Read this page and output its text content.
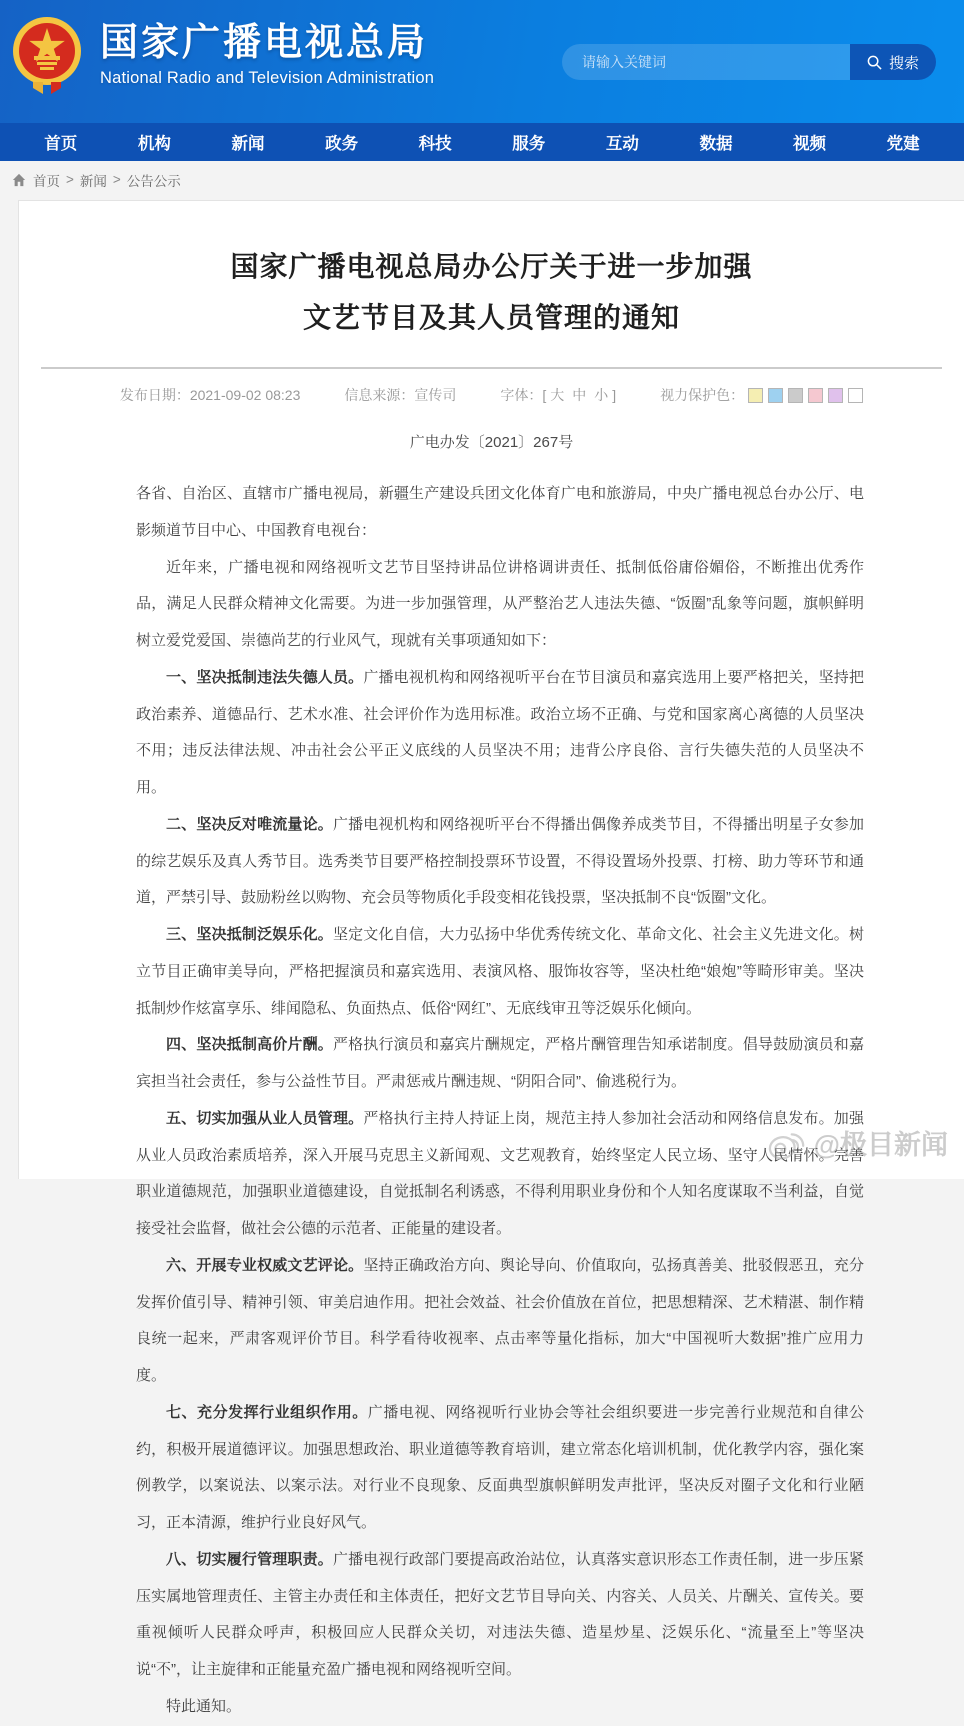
国家广播电视总局
National Radio and Television Administration
请输入关键词
搜索
首页	机构	新闻	政务	科技	服务	互动	数据	视频	党建
首页 > 新闻 > 公告公示
国家广播电视总局办公厅关于进一步加强
文艺节目及其人员管理的通知
发布日期： 2021-09-02 08:23	信息来源： 宣传司	字体： [ 大 中 小 ]	视力保护色：
广电办发〔2021〕267号

各省、自治区、直辖市广播电视局，新疆生产建设兵团文化体育广电和旅游局，中央广播电视总台办公厅、电影频道节目中心、中国教育电视台：

近年来，广播电视和网络视听文艺节目坚持讲品位讲格调讲责任、抵制低俗庸俗媚俗，不断推出优秀作品，满足人民群众精神文化需要。为进一步加强管理，从严整治艺人违法失德、“饭圈”乱象等问题，旗帜鲜明树立爱党爱国、崇德尚艺的行业风气，现就有关事项通知如下：

一、坚决抵制违法失德人员。广播电视机构和网络视听平台在节目演员和嘉宾选用上要严格把关，坚持把政治素养、道德品行、艺术水准、社会评价作为选用标准。政治立场不正确、与党和国家离心离德的人员坚决不用；违反法律法规、冲击社会公平正义底线的人员坚决不用；违背公序良俗、言行失德失范的人员坚决不用。

二、坚决反对唯流量论。广播电视机构和网络视听平台不得播出偶像养成类节目，不得播出明星子女参加的综艺娱乐及真人秀节目。选秀类节目要严格控制投票环节设置，不得设置场外投票、打榜、助力等环节和通道，严禁引导、鼓励粉丝以购物、充会员等物质化手段变相花钱投票，坚决抵制不良“饭圈”文化。

三、坚决抵制泛娱乐化。坚定文化自信，大力弘扬中华优秀传统文化、革命文化、社会主义先进文化。树立节目正确审美导向，严格把握演员和嘉宾选用、表演风格、服饰妆容等，坚决杜绝“娘炮”等畸形审美。坚决抵制炒作炫富享乐、绯闻隐私、负面热点、低俗“网红”、无底线审丑等泛娱乐化倾向。

四、坚决抵制高价片酬。严格执行演员和嘉宾片酬规定，严格片酬管理告知承诺制度。倡导鼓励演员和嘉宾担当社会责任，参与公益性节目。严肃惩戒片酬违规、“阴阳合同”、偷逃税行为。

五、切实加强从业人员管理。严格执行主持人持证上岗，规范主持人参加社会活动和网络信息发布。加强从业人员政治素质培养，深入开展马克思主义新闻观、文艺观教育，始终坚定人民立场、坚守人民情怀。完善职业道德规范，加强职业道德建设，自觉抵制名利诱惑，不得利用职业身份和个人知名度谋取不当利益，自觉接受社会监督，做社会公德的示范者、正能量的建设者。

六、开展专业权威文艺评论。坚持正确政治方向、舆论导向、价值取向，弘扬真善美、批驳假恶丑，充分发挥价值引导、精神引领、审美启迪作用。把社会效益、社会价值放在首位，把思想精深、艺术精湛、制作精良统一起来，严肃客观评价节目。科学看待收视率、点击率等量化指标，加大“中国视听大数据”推广应用力度。

七、充分发挥行业组织作用。广播电视、网络视听行业协会等社会组织要进一步完善行业规范和自律公约，积极开展道德评议。加强思想政治、职业道德等教育培训，建立常态化培训机制，优化教学内容，强化案例教学，以案说法、以案示法。对行业不良现象、反面典型旗帜鲜明发声批评，坚决反对圈子文化和行业陋习，正本清源，维护行业良好风气。

八、切实履行管理职责。广播电视行政部门要提高政治站位，认真落实意识形态工作责任制，进一步压紧压实属地管理责任、主管主办责任和主体责任，把好文艺节目导向关、内容关、人员关、片酬关、宣传关。要重视倾听人民群众呼声，积极回应人民群众关切，对违法失德、造星炒星、泛娱乐化、“流量至上”等坚决说“不”，让主旋律和正能量充盈广播电视和网络视听空间。

特此通知。

@极目新闻
